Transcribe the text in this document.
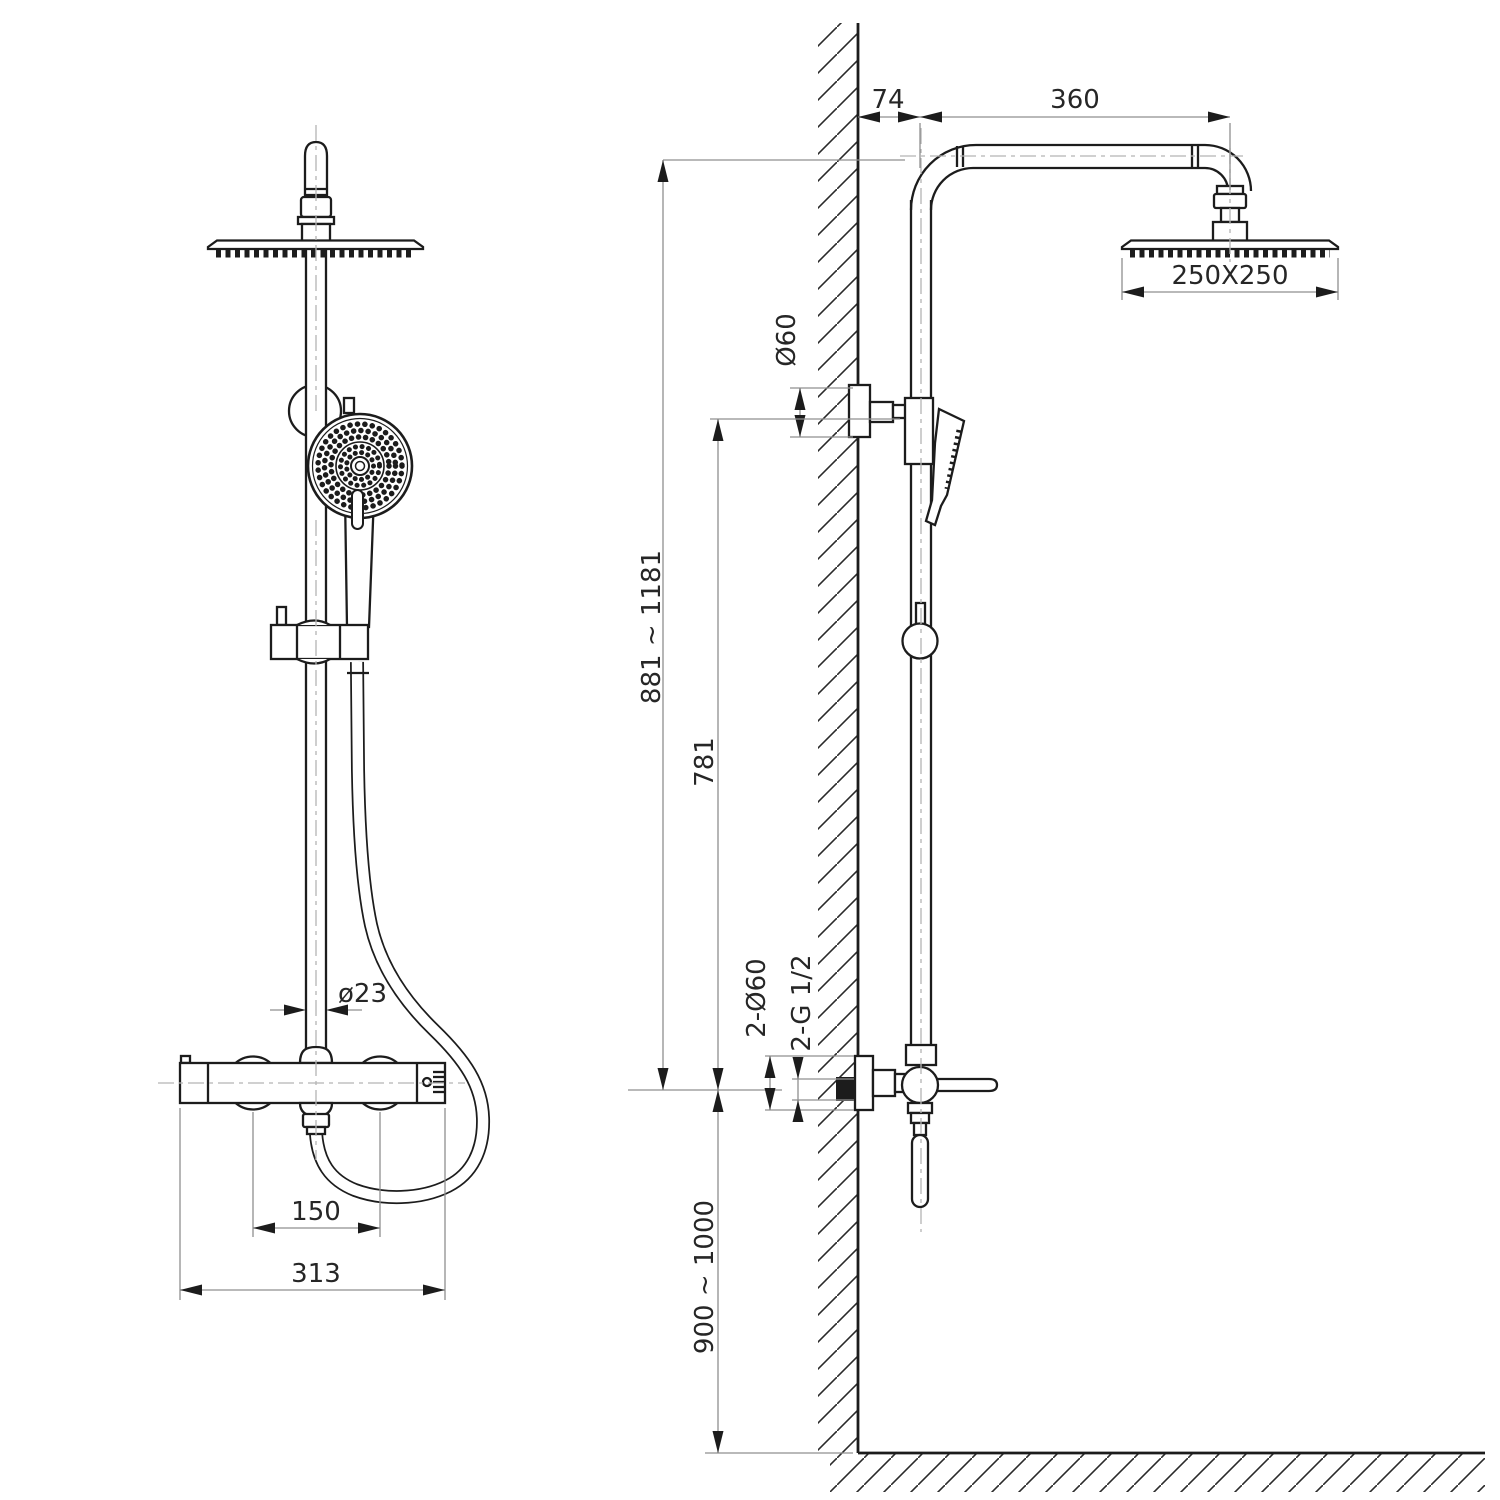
ø23
150
313
74	360
250X250
Ø60
881 ~ 1181
781
900 ~ 1000
2-Ø60 2-G 1/2
